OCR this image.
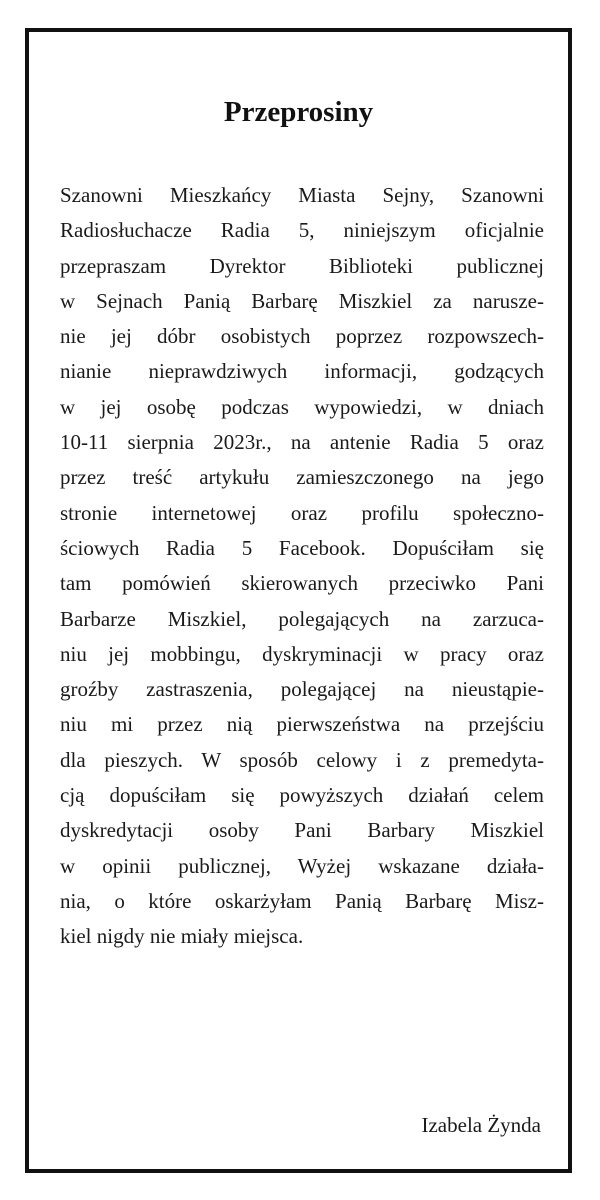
Przeprosiny
Szanowni Mieszkańcy Miasta Sejny, Szanowni
Radiosłuchacze Radia 5, niniejszym oficjalnie
przepraszam Dyrektor Biblioteki publicznej
w Sejnach Panią Barbarę Miszkiel za narusze-
nie jej dóbr osobistych poprzez rozpowszech-
nianie nieprawdziwych informacji, godzących
w jej osobę podczas wypowiedzi, w dniach
10-11 sierpnia 2023r., na antenie Radia 5 oraz
przez treść artykułu zamieszczonego na jego
stronie internetowej oraz profilu społeczno-
ściowych Radia 5 Facebook. Dopuściłam się
tam pomówień skierowanych przeciwko Pani
Barbarze Miszkiel, polegających na zarzuca-
niu jej mobbingu, dyskryminacji w pracy oraz
groźby zastraszenia, polegającej na nieustąpie-
niu mi przez nią pierwszeństwa na przejściu
dla pieszych. W sposób celowy i z premedyta-
cją dopuściłam się powyższych działań celem
dyskredytacji osoby Pani Barbary Miszkiel
w opinii publicznej, Wyżej wskazane działa-
nia, o które oskarżyłam Panią Barbarę Misz-
kiel nigdy nie miały miejsca.

Izabela Żynda
